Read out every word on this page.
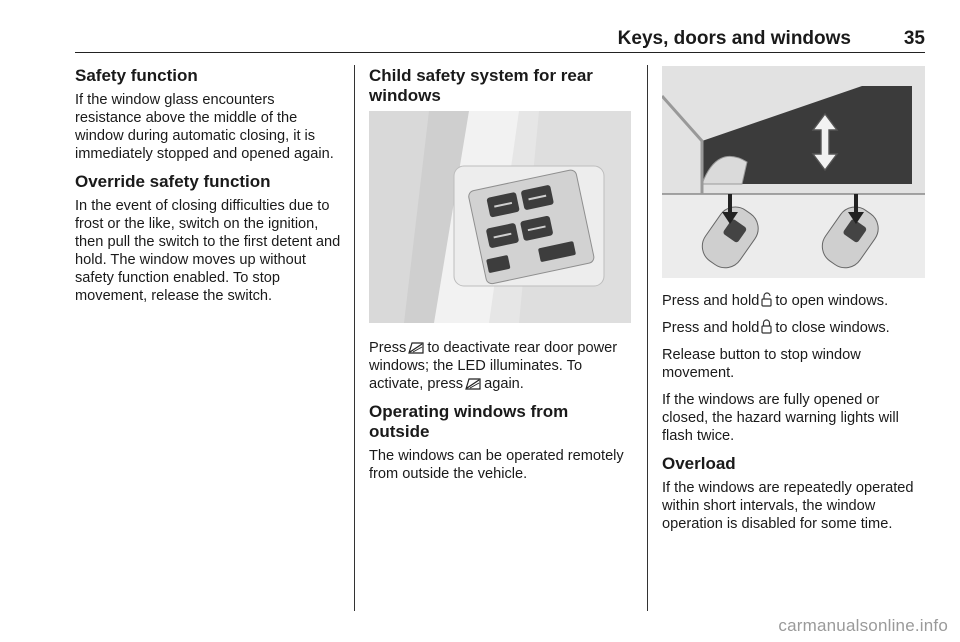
Keys, doors and windows	35
Safety function

If the window glass encounters resistance above the middle of the window during automatic closing, it is immediately stopped and opened again.

Override safety function

In the event of closing difficulties due to frost or the like, switch on the ignition, then pull the switch to the first detent and hold. The window moves up without safety function enabled. To stop movement, release the switch.

Child safety system for rear windows

Press to deactivate rear door power windows; the LED illuminates. To activate, press again.

Operating windows from outside

The windows can be operated remotely from outside the vehicle.

Press and hold to open windows.

Press and hold to close windows.

Release button to stop window movement.

If the windows are fully opened or closed, the hazard warning lights will flash twice.

Overload

If the windows are repeatedly operated within short intervals, the window operation is disabled for some time.

carmanualsonline.info
